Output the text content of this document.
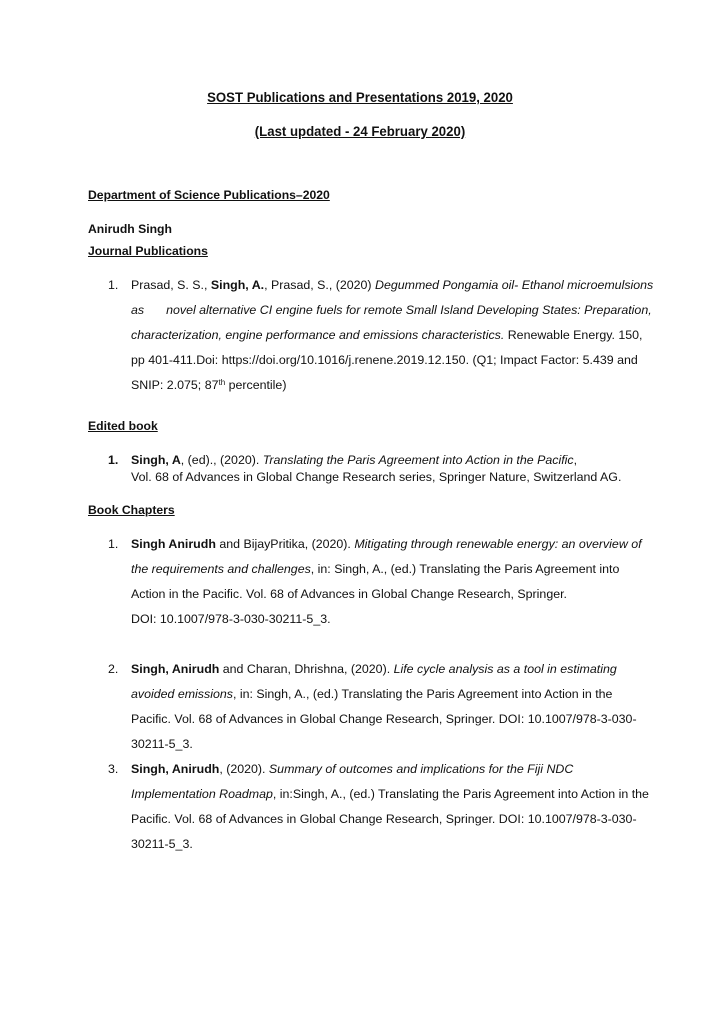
SOST Publications and Presentations 2019, 2020
(Last updated - 24 February 2020)
Department of Science Publications–2020
Anirudh Singh
Journal Publications
1. Prasad, S. S., Singh, A., Prasad, S., (2020) Degummed Pongamia oil- Ethanol microemulsions
as novel alternative CI engine fuels for remote Small Island Developing States: Preparation,
characterization, engine performance and emissions characteristics. Renewable Energy. 150,
pp 401-411.Doi: https://doi.org/10.1016/j.renene.2019.12.150. (Q1; Impact Factor: 5.439 and
SNIP: 2.075; 87th percentile)
Edited book
1. Singh, A, (ed)., (2020). Translating the Paris Agreement into Action in the Pacific,
Vol. 68 of Advances in Global Change Research series, Springer Nature, Switzerland AG.
Book Chapters
1. Singh Anirudh and BijayPritika, (2020). Mitigating through renewable energy: an overview of
the requirements and challenges, in: Singh, A., (ed.) Translating the Paris Agreement into
Action in the Pacific. Vol. 68 of Advances in Global Change Research, Springer.
DOI: 10.1007/978-3-030-30211-5_3.
2. Singh, Anirudh and Charan, Dhrishna, (2020). Life cycle analysis as a tool in estimating
avoided emissions, in: Singh, A., (ed.) Translating the Paris Agreement into Action in the
Pacific. Vol. 68 of Advances in Global Change Research, Springer. DOI: 10.1007/978-3-030-
30211-5_3.
3. Singh, Anirudh, (2020). Summary of outcomes and implications for the Fiji NDC
Implementation Roadmap, in:Singh, A., (ed.) Translating the Paris Agreement into Action in the
Pacific. Vol. 68 of Advances in Global Change Research, Springer. DOI: 10.1007/978-3-030-
30211-5_3.
